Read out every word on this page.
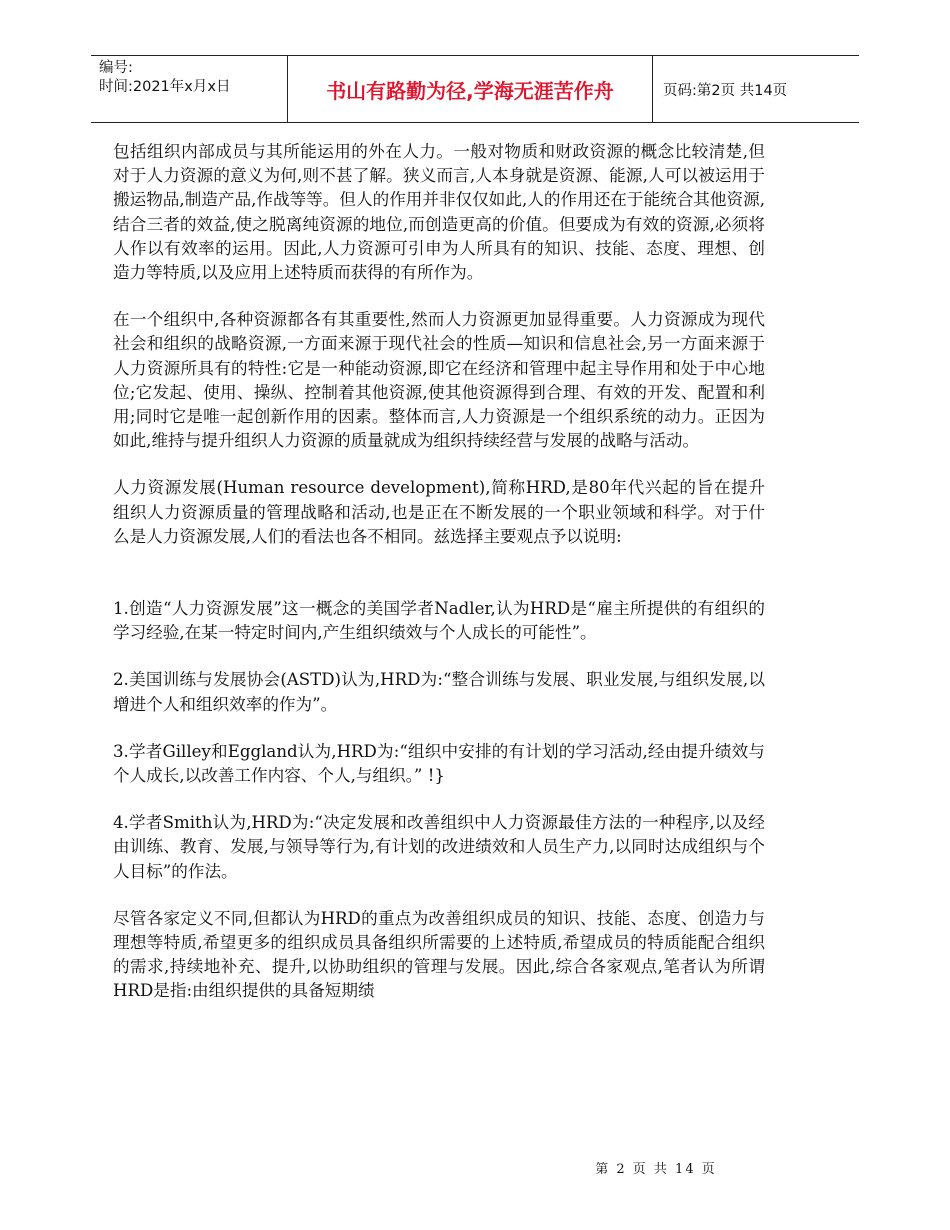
编号:
时间:2021年x月x日	书山有路勤为径,学海无涯苦作舟	页码:第2页 共14页

包括组织内部成员与其所能运用的外在人力。一般对物质和财政资源的概念比较清楚,但对于人力资源的意义为何,则不甚了解。狭义而言,人本身就是资源、能源,人可以被运用于搬运物品,制造产品,作战等等。但人的作用并非仅仅如此,人的作用还在于能统合其他资源,结合三者的效益,使之脱离纯资源的地位,而创造更高的价值。但要成为有效的资源,必须将人作以有效率的运用。因此,人力资源可引申为人所具有的知识、技能、态度、理想、创造力等特质,以及应用上述特质而获得的有所作为。

在一个组织中,各种资源都各有其重要性,然而人力资源更加显得重要。人力资源成为现代社会和组织的战略资源,一方面来源于现代社会的性质—知识和信息社会,另一方面来源于人力资源所具有的特性:它是一种能动资源,即它在经济和管理中起主导作用和处于中心地位;它发起、使用、操纵、控制着其他资源,使其他资源得到合理、有效的开发、配置和利用;同时它是唯一起创新作用的因素。整体而言,人力资源是一个组织系统的动力。正因为如此,维持与提升组织人力资源的质量就成为组织持续经营与发展的战略与活动。

人力资源发展(Human resource development),简称HRD,是80年代兴起的旨在提升组织人力资源质量的管理战略和活动,也是正在不断发展的一个职业领域和科学。对于什么是人力资源发展,人们的看法也各不相同。兹选择主要观点予以说明:

1.创造“人力资源发展”这一概念的美国学者Nadler,认为HRD是“雇主所提供的有组织的学习经验,在某一特定时间内,产生组织绩效与个人成长的可能性”。

2.美国训练与发展协会(ASTD)认为,HRD为:“整合训练与发展、职业发展,与组织发展,以增进个人和组织效率的作为”。

3.学者Gilley和Eggland认为,HRD为:“组织中安排的有计划的学习活动,经由提升绩效与个人成长,以改善工作内容、个人,与组织。” !}

4.学者Smith认为,HRD为:“决定发展和改善组织中人力资源最佳方法的一种程序,以及经由训练、教育、发展,与领导等行为,有计划的改进绩效和人员生产力,以同时达成组织与个人目标”的作法。

尽管各家定义不同,但都认为HRD的重点为改善组织成员的知识、技能、态度、创造力与理想等特质,希望更多的组织成员具备组织所需要的上述特质,希望成员的特质能配合组织的需求,持续地补充、提升,以协助组织的管理与发展。因此,综合各家观点,笔者认为所谓HRD是指:由组织提供的具备短期绩

第 2 页 共 14 页
